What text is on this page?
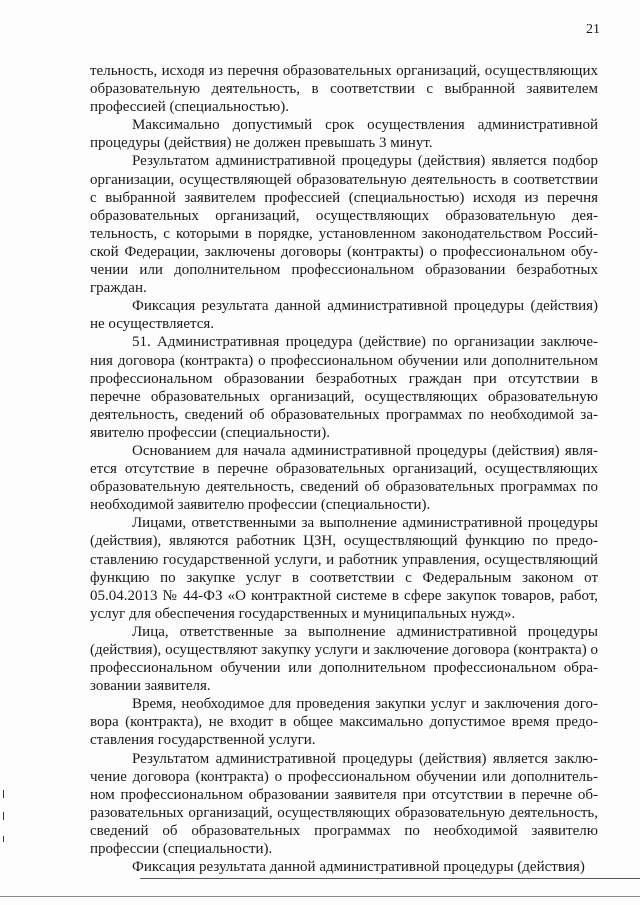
21

тельность, исходя из перечня образовательных организаций, осуществляющих образовательную деятельность, в соответствии с выбранной заявителем профессией (специальностью).

Максимально допустимый срок осуществления административной процедуры (действия) не должен превышать 3 минут.

Результатом административной процедуры (действия) является подбор организации, осуществляющей образовательную деятельность в соответствии с выбранной заявителем профессией (специальностью) исходя из перечня образовательных организаций, осуществляющих образовательную деятельность, с которыми в порядке, установленном законодательством Российской Федерации, заключены договоры (контракты) о профессиональном обучении или дополнительном профессиональном образовании безработных граждан.

Фиксация результата данной административной процедуры (действия) не осуществляется.

51. Административная процедура (действие) по организации заключения договора (контракта) о профессиональном обучении или дополнительном профессиональном образовании безработных граждан при отсутствии в перечне образовательных организаций, осуществляющих образовательную деятельность, сведений об образовательных программах по необходимой заявителю профессии (специальности).

Основанием для начала административной процедуры (действия) является отсутствие в перечне образовательных организаций, осуществляющих образовательную деятельность, сведений об образовательных программах по необходимой заявителю профессии (специальности).

Лицами, ответственными за выполнение административной процедуры (действия), являются работник ЦЗН, осуществляющий функцию по предоставлению государственной услуги, и работник управления, осуществляющий функцию по закупке услуг в соответствии с Федеральным законом от 05.04.2013 № 44-ФЗ «О контрактной системе в сфере закупок товаров, работ, услуг для обеспечения государственных и муниципальных нужд».

Лица, ответственные за выполнение административной процедуры (действия), осуществляют закупку услуги и заключение договора (контракта) о профессиональном обучении или дополнительном профессиональном образовании заявителя.

Время, необходимое для проведения закупки услуг и заключения договора (контракта), не входит в общее максимально допустимое время предоставления государственной услуги.

Результатом административной процедуры (действия) является заключение договора (контракта) о профессиональном обучении или дополнительном профессиональном образовании заявителя при отсутствии в перечне образовательных организаций, осуществляющих образовательную деятельность, сведений об образовательных программах по необходимой заявителю профессии (специальности).

Фиксация результата данной административной процедуры (действия)
